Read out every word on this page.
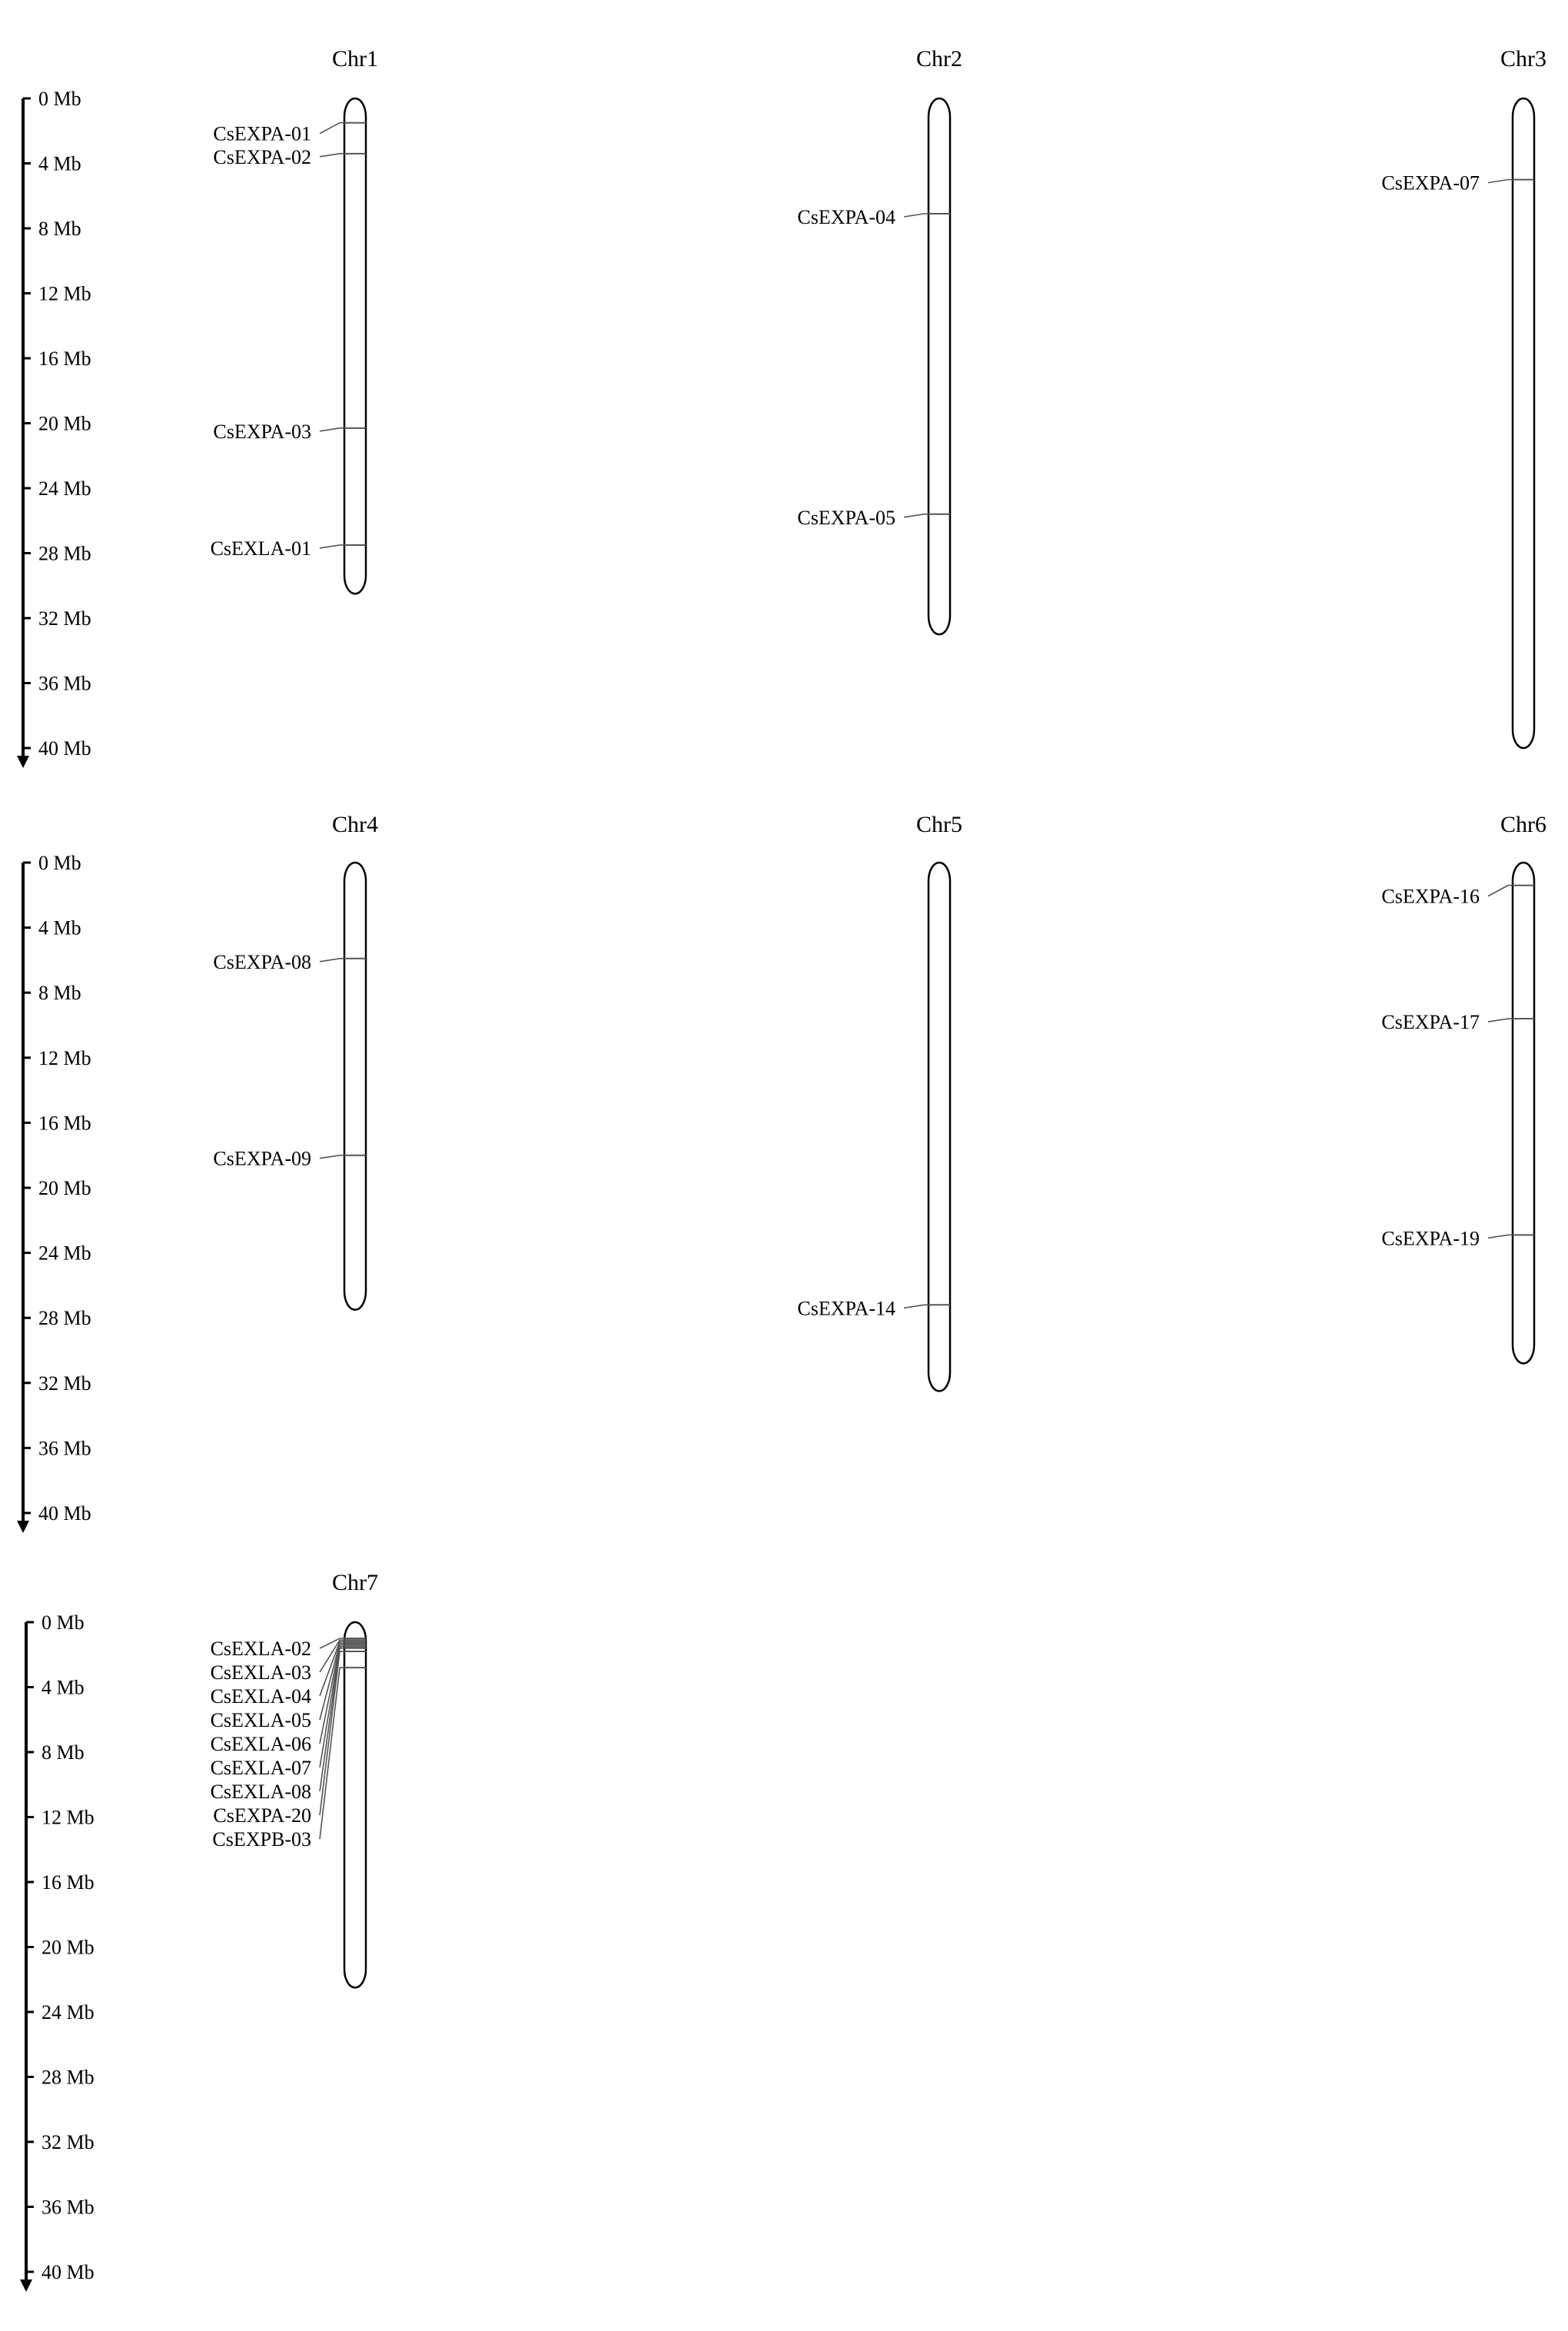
0 Mb
4 Mb
8 Mb
12 Mb
16 Mb
20 Mb
24 Mb
28 Mb
32 Mb
36 Mb
40 Mb
Chr1
CsEXPA-01
CsEXPA-02
CsEXPA-03
CsEXLA-01
Chr2
CsEXPA-04
CsEXPA-05
Chr3
CsEXPA-07
0 Mb
4 Mb
8 Mb
12 Mb
16 Mb
20 Mb
24 Mb
28 Mb
32 Mb
36 Mb
40 Mb
Chr4
CsEXPA-08
CsEXPA-09
Chr5
CsEXPA-14
Chr6
CsEXPA-16
CsEXPA-17
CsEXPA-19
0 Mb
4 Mb
8 Mb
12 Mb
16 Mb
20 Mb
24 Mb
28 Mb
32 Mb
36 Mb
40 Mb
Chr7
CsEXLA-02
CsEXLA-03
CsEXLA-04
CsEXLA-05
CsEXLA-06
CsEXLA-07
CsEXLA-08
CsEXPA-20
CsEXPB-03
